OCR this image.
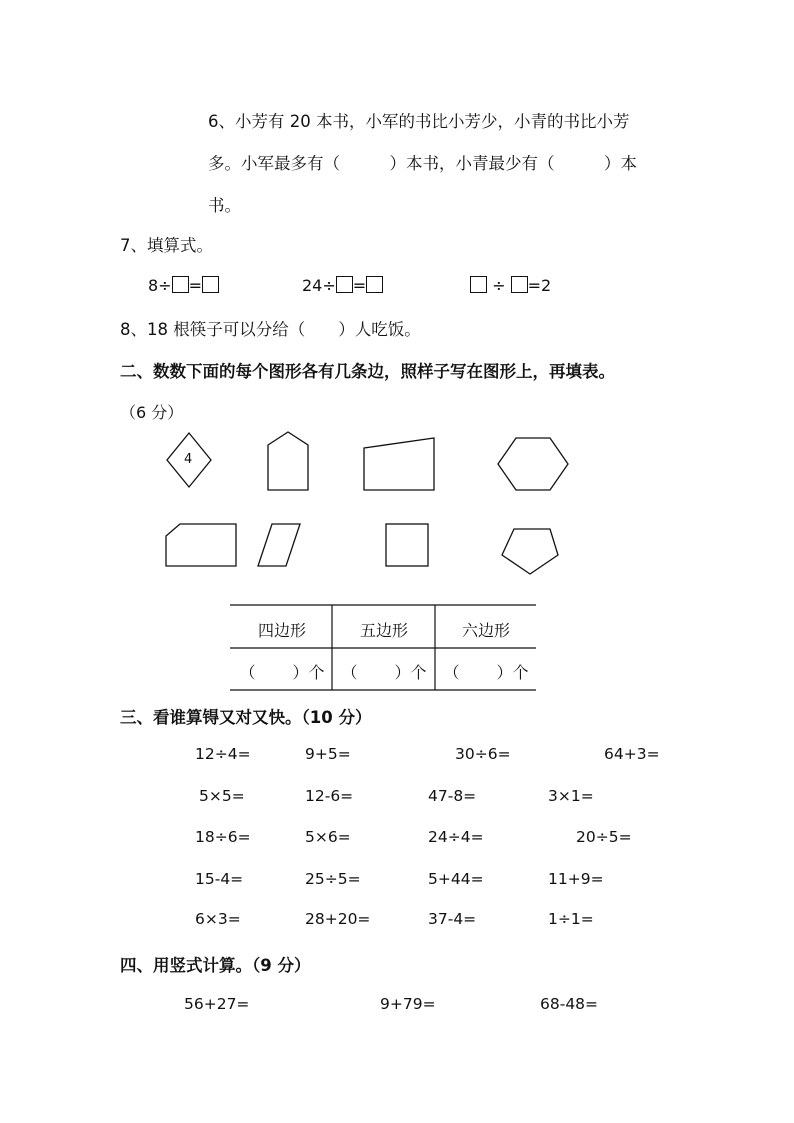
6、小芳有 20 本书，小军的书比小芳少，小青的书比小芳
多。小军最多有（　　　）本书，小青最少有（　　　）本
书。
7、填算式。
8÷ =	24÷ =	÷ =2
8、18 根筷子可以分给（　　）人吃饭。
二、数数下面的每个图形各有几条边，照样子写在图形上，再填表。
（6 分）
4
四边形	五边形	六边形
（　　 ）个	（　　 ）个	（　　 ）个
三、看谁算锝又对又快。（10 分）
12÷4=	9+5=	30÷6=	64+3=
5×5=	12-6=	47-8=	3×1=
18÷6=	5×6=	24÷4=	20÷5=
15-4=	25÷5=	5+44=	11+9=
6×3=	28+20=	37-4=	1÷1=
四、用竖式计算。（9 分）
56+27=	9+79=	68-48=
